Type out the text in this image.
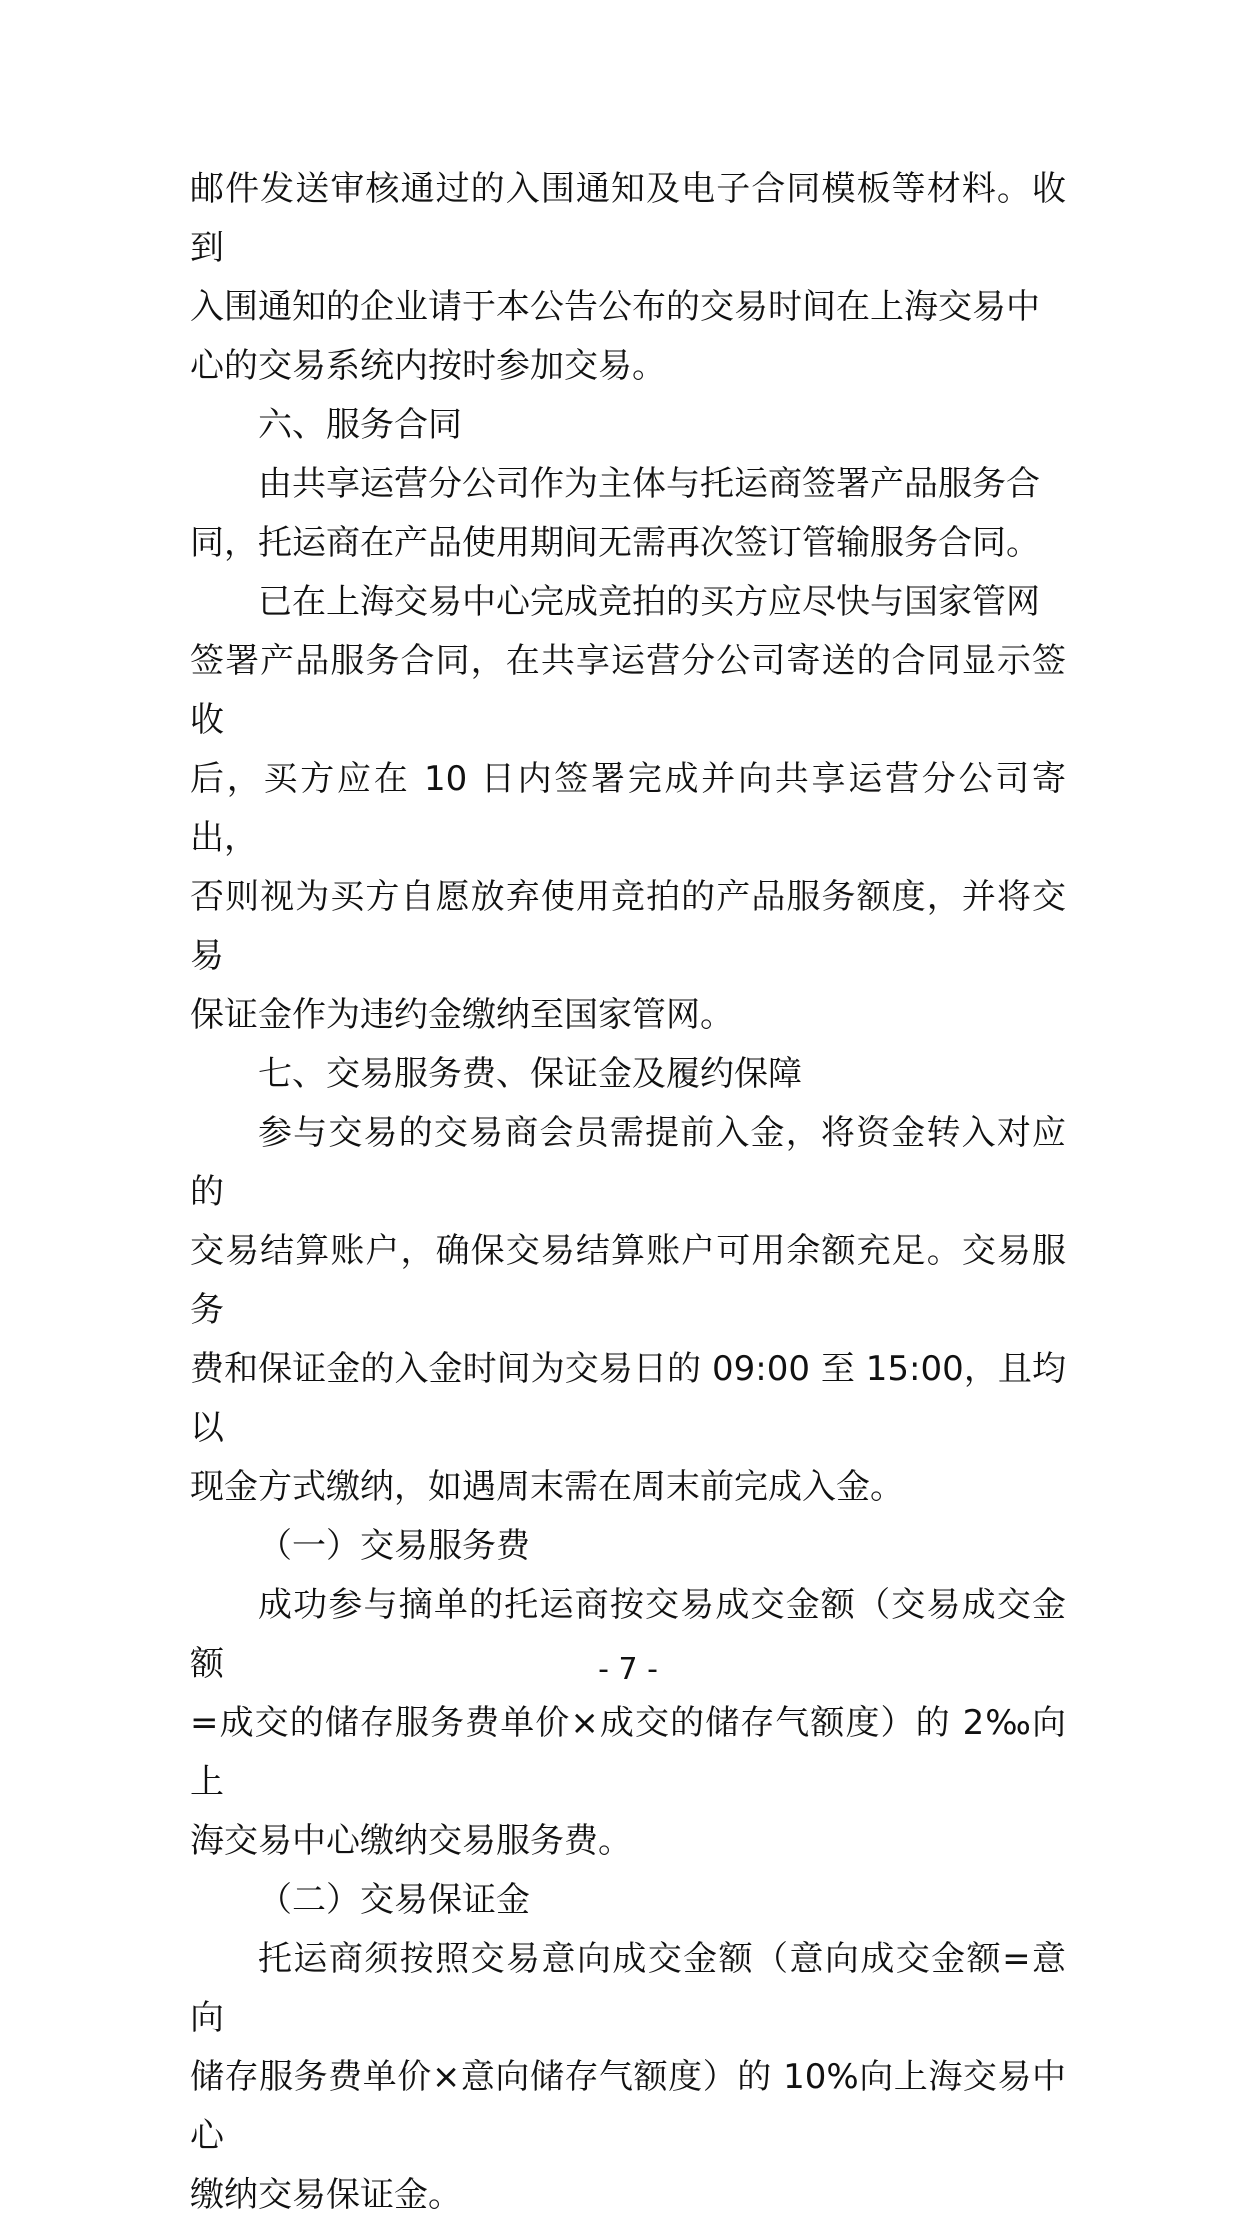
邮件发送审核通过的入围通知及电子合同模板等材料。收到
入围通知的企业请于本公告公布的交易时间在上海交易中
心的交易系统内按时参加交易。

六、服务合同

由共享运营分公司作为主体与托运商签署产品服务合
同，托运商在产品使用期间无需再次签订管输服务合同。

已在上海交易中心完成竞拍的买方应尽快与国家管网
签署产品服务合同，在共享运营分公司寄送的合同显示签收
后，买方应在 10 日内签署完成并向共享运营分公司寄出，
否则视为买方自愿放弃使用竞拍的产品服务额度，并将交易
保证金作为违约金缴纳至国家管网。

七、交易服务费、保证金及履约保障

参与交易的交易商会员需提前入金，将资金转入对应的
交易结算账户，确保交易结算账户可用余额充足。交易服务
费和保证金的入金时间为交易日的 09:00 至 15:00，且均以
现金方式缴纳，如遇周末需在周末前完成入金。

（一）交易服务费

成功参与摘单的托运商按交易成交金额（交易成交金额
=成交的储存服务费单价×成交的储存气额度）的 2‰向上
海交易中心缴纳交易服务费。

（二）交易保证金

托运商须按照交易意向成交金额（意向成交金额=意向
储存服务费单价×意向储存气额度）的 10%向上海交易中心
缴纳交易保证金。

- 7 -
